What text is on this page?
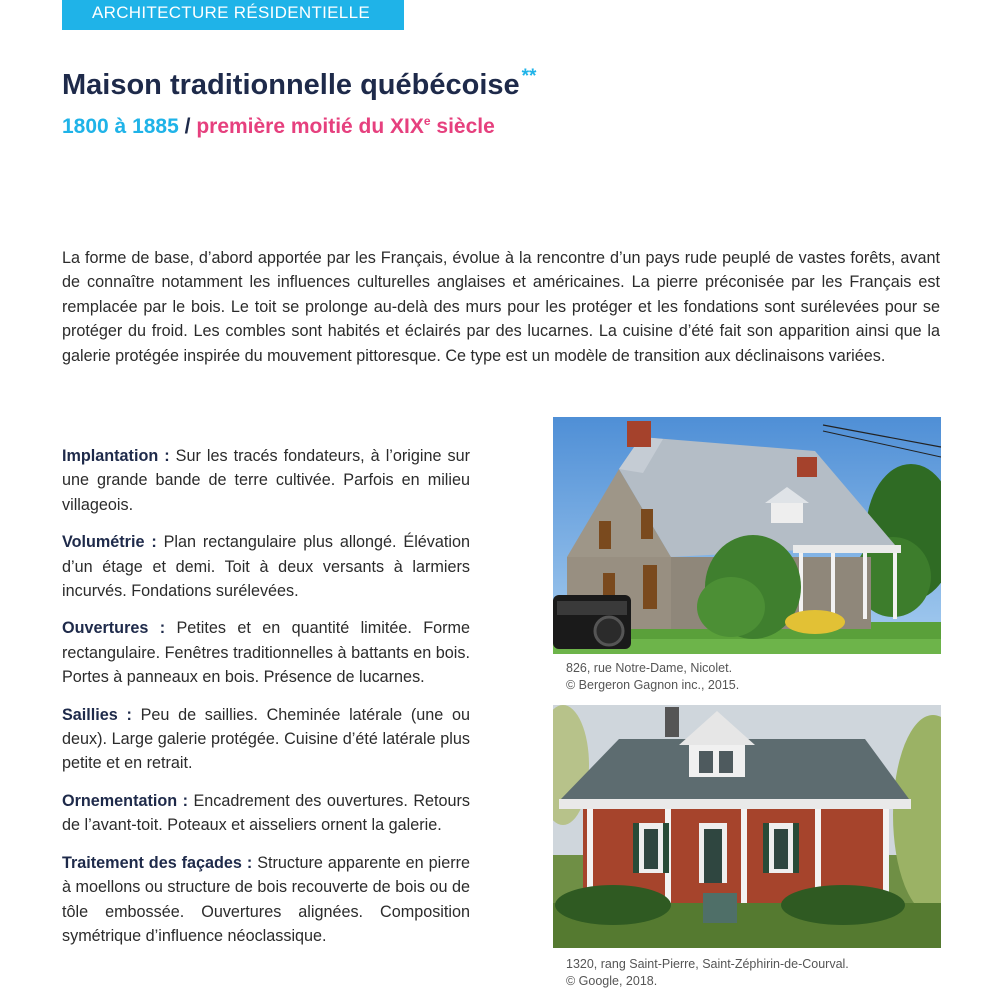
ARCHITECTURE RÉSIDENTIELLE
Maison traditionnelle québécoise **
1800 à 1885 / première moitié du XIXe siècle

La forme de base, d’abord apportée par les Français, évolue à la rencontre d’un pays rude peuplé de vastes forêts, avant de connaître notamment les influences culturelles anglaises et américaines. La pierre préconisée par les Français est remplacée par le bois. Le toit se prolonge au-delà des murs pour les protéger et les fondations sont surélevées pour se protéger du froid. Les combles sont habités et éclairés par des lucarnes. La cuisine d’été fait son apparition ainsi que la galerie protégée inspirée du mouvement pittoresque. Ce type est un modèle de transition aux déclinaisons variées.

Implantation : Sur les tracés fondateurs, à l’origine sur une grande bande de terre cultivée. Parfois en milieu villageois.

Volumétrie : Plan rectangulaire plus allongé. Élévation d’un étage et demi. Toit à deux versants à larmiers incurvés. Fondations surélevées.

Ouvertures : Petites et en quantité limitée. Forme rectangulaire. Fenêtres traditionnelles à battants en bois. Portes à panneaux en bois. Présence de lucarnes.

Saillies : Peu de saillies. Cheminée latérale (une ou deux). Large galerie protégée. Cuisine d’été latérale plus petite et en retrait.

Ornementation : Encadrement des ouvertures. Retours de l’avant-toit. Poteaux et aisseliers ornent la galerie.

Traitement des façades : Structure apparente en pierre à moellons ou structure de bois recouverte de bois ou de tôle embossée. Ouvertures alignées. Composition symétrique d’influence néoclassique.

826, rue Notre-Dame, Nicolet.
© Bergeron Gagnon inc., 2015.
1320, rang Saint-Pierre, Saint-Zéphirin-de-Courval.
© Google, 2018.
